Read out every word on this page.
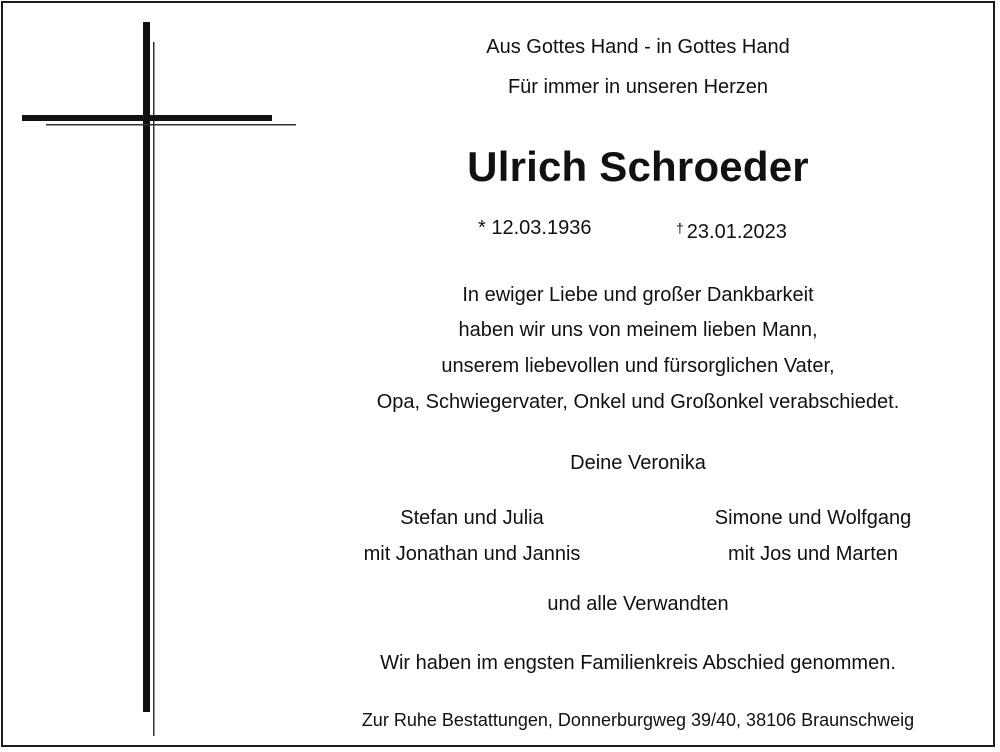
Aus Gottes Hand - in Gottes Hand
Für immer in unseren Herzen
Ulrich Schroeder
* 12.03.1936	† 23.01.2023
In ewiger Liebe und großer Dankbarkeit
haben wir uns von meinem lieben Mann,
unserem liebevollen und fürsorglichen Vater,
Opa, Schwiegervater, Onkel und Großonkel verabschiedet.
Deine Veronika
Stefan und Julia
mit Jonathan und Jannis
Simone und Wolfgang
mit Jos und Marten
und alle Verwandten
Wir haben im engsten Familienkreis Abschied genommen.
Zur Ruhe Bestattungen, Donnerburgweg 39/40, 38106 Braunschweig
